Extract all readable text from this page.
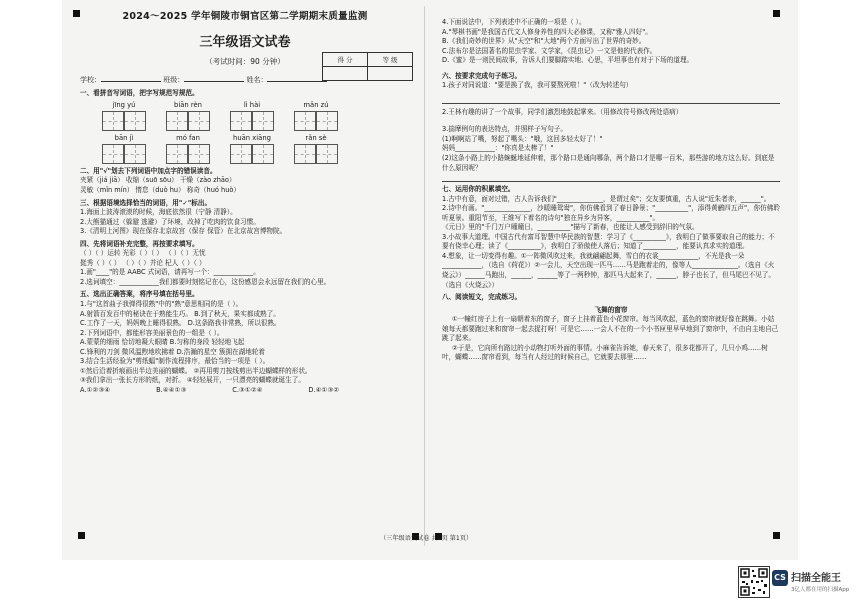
2024～2025 学年铜陵市铜官区第二学期期末质量监测
三年级语文试卷
（考试时间：90 分钟）
学校：	班级：	姓名：
一、看拼音写词语，把字写规范写规范。
jīng yú	biān rèn	lì hài	mǎn zú
bān jì	mó fan	huān xiāng	rǎn sè
二、用"√"划去下列词语中加点字的错误读音。
夹紧（jiá jiā） 收缩（suō sōu） 干燥（zào zhāo）
灵敏（mǐn mín） 惰怠（duò hu） 称奇（huó huò）
三、根据语境选择恰当的词语，用"✓"标出。
1.海面上波涛滚滚的时候，海底依然很（宁静 清静）。
2.大熊猫通过（躲避 逃避）了环境，改掉了吃肉的饮食习惯。
3.《清明上河图》现在保存北京故宫（保存 保管）在北京故宫博物院。
四、先将词语补充完整，再按要求填写。
（ ）（ ）运转 光彩（ ）（ ） （ ）（ ）无忧
挺秀（ ）（ ） （ ）（ ）并论 杞人（ ）（ ）
1.画"____"的是 AABC 式词语，请再写一个：____________。
2.选词填空：____________我们都要时刻铭记在心，这份感恩会永远留在我们的心里。
五、选出正确答案，将序号填在括号里。
1.与"这首曲子我弹得很熟"中的"熟"意思相同的是（ ）。
A.射箭百发百中的秘诀在于熟能生巧。 B.到了秋天，果实都成熟了。
C.工作了一天，妈妈晚上睡得很熟。 D.这条路我非常熟，所以很熟。
2.下列词语中，都能形容美丽景色的一组是（ ）。
A.蒙蒙的细雨 恰切地凝大眼睛 B.匀称的身段 轻轻地飞起
C.锋利的刀剑 微风温煦地吹拂着 D.浩瀚的星空 簇拥在湖地轮着
3.结合生活经验为"剪纸蝠"制作流程排序，最恰当的一项是（ ）。
①然后沿着折痕画出半边美丽的蝴蝶。 ②再用剪刀按线剪出半边蝴蝶样的形状。
③我们拿出一张长方形的纸，对折。 ④轻轻展开，一只漂亮的蝴蝶就诞生了。
A.①②③④	B.④④①③	C.③①②④	D.④①③②
得 分	等 级

4.下面说法中，下列表述中不正确的一项是（ ）。
A."琴棋书画"是我国古代文人修身养性的四大必修课，又称"雅人四好"。
B.《我们奇妙的世界》从"天空"和"大地"两个方面写出了世界的奇妙。
C.法布尔是法国著名的昆虫学家、文学家，《昆虫记》一文是他的代表作。
D.《蜜》是一则民间故事，告诉人们要脚踏实地、心思，平坦事也有对于下场的道理。
六、按要求完成句子练习。
1.孩子对同说道："要是换了我，我可要熬死啦！"（改为转述句）
2.王林有趣的讲了一个故事，同学们激烈地鼓起掌来。（用修改符号修改两处语病）
3.揣摩例句的表达特点，并照样子写句子。
(1)啊啊站了嘴，努起了嘴头："哦，这回多轻太好了！"
妈妈____________："你真是太棒了！"
(2)这条小路上的小路蜿蜒地延伸着，那个路口是通向哪条，两个路口才是哪一百米，那些游的地方这么好。到底是什么原因呢？
七、运用你的积累填空。
1.古中有意，面对过错，古人告诉我们"______________，是谓过矣"；交友要慎重，古人说"近朱者赤，______"。
2.诗中有画。"______________，沙暖睡鸳鸯"，你仿佛看到了春日静景；"__________"，添得黄鹂四五声"，你仿佛聆听夏景。重阳节至，王维写下着名的诗句"独在异乡为异客，__________"。
《元日》里的"千门万户曈曈日，__________"描写了新春，也能让人感受到辞旧的气氛。
3.小故事大道理。中国古代有富耳智慧中华民族的智慧：学习了《__________》，我明白了做事要取自己的能力；不要有侥幸心理；读了《__________》，我明白了骄傲使人落后；知道了__________，能要认真求实的道理。
4.想象，让一切变得有趣。①一阵微风吹过来，我就翩翩起舞，雪白的衣裳____________，不光是我一朵____________，（选自《荷花》）②一会儿，天空出现一匹马……马是跑着走的，像等人______________。（选自《火烧云》）______马跑出，______，______等了一两秒钟，那匹马大起来了，______，脖子也长了，但马尾巴不见了。（选自《火烧云》）
八、阅读短文，完成练习。
飞舞的窗帘
①一幢红房子上有一扇朝着东的窗子，窗子上挂着蓝色小花窗帘。每当风吹起，蓝色的窗帘就好像在跳舞。小姑娘每天都要跑过来和窗帘一起去捉打呀！可是它……一会人不在的一个小书匣里早早地到了窗帘中，不由自主地自己跳了起来。
②于是，它向所有路过的小动物打听外面的事情。小麻雀告诉她，春天来了，很多花都开了，几只小鸡……树叶，蝴蝶……窗帘看到，每当有人经过的时候自己，它就要去那里……
（三年级语文试卷 共2页 第1页）
CS 扫描全能王
3亿人都在用的扫描App
